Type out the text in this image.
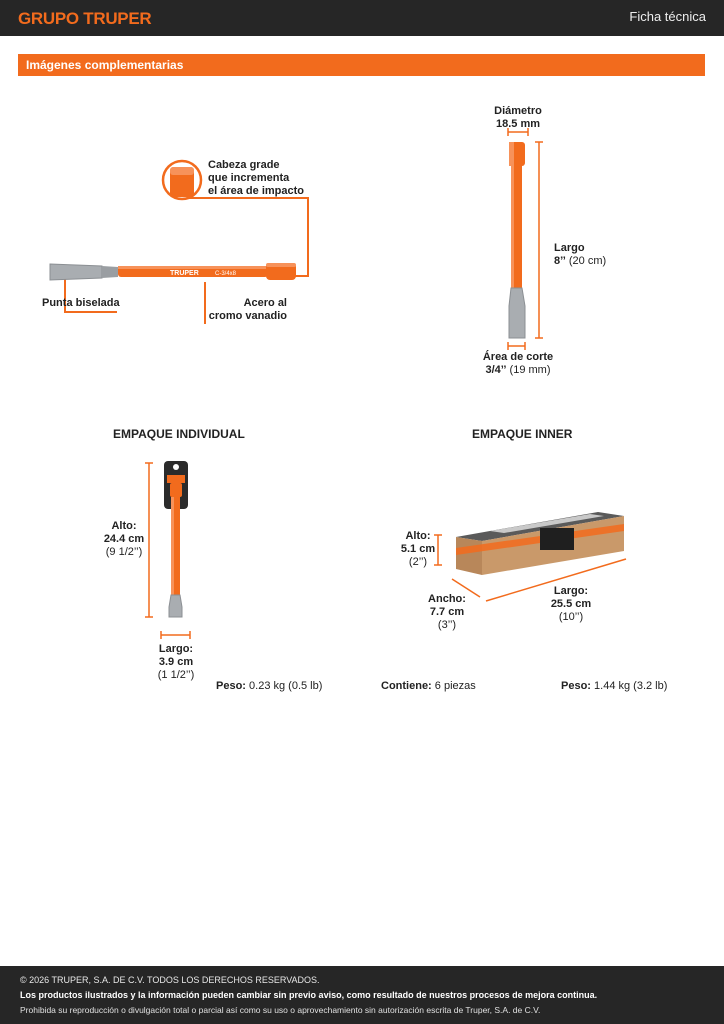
GRUPO TRUPER	Ficha técnica
Imágenes complementarias
TRUPER	C-3/4x8
Cabeza grade
que incrementa
el área de impacto
Punta biselada	Acero al
cromo vanadio
Diámetro
18.5 mm
Largo
8’’ (20 cm)
Área de corte
3/4’’ (19 mm)
EMPAQUE INDIVIDUAL
Alto:
24.4 cm
(9 1/2’’)
Largo:
3.9 cm
(1 1/2’’)
Peso: 0.23 kg (0.5 lb)
EMPAQUE INNER
Alto:
5.1 cm
(2’’)
Ancho:
7.7 cm
(3’’)
Largo:
25.5 cm
(10’’)
Contiene: 6 piezas	Peso: 1.44 kg (3.2 lb)
© 2026 TRUPER, S.A. DE C.V. TODOS LOS DERECHOS RESERVADOS.
Los productos ilustrados y la información pueden cambiar sin previo aviso, como resultado de nuestros procesos de mejora continua.
Prohibida su reproducción o divulgación total o parcial así como su uso o aprovechamiento sin autorización escrita de Truper, S.A. de C.V.
